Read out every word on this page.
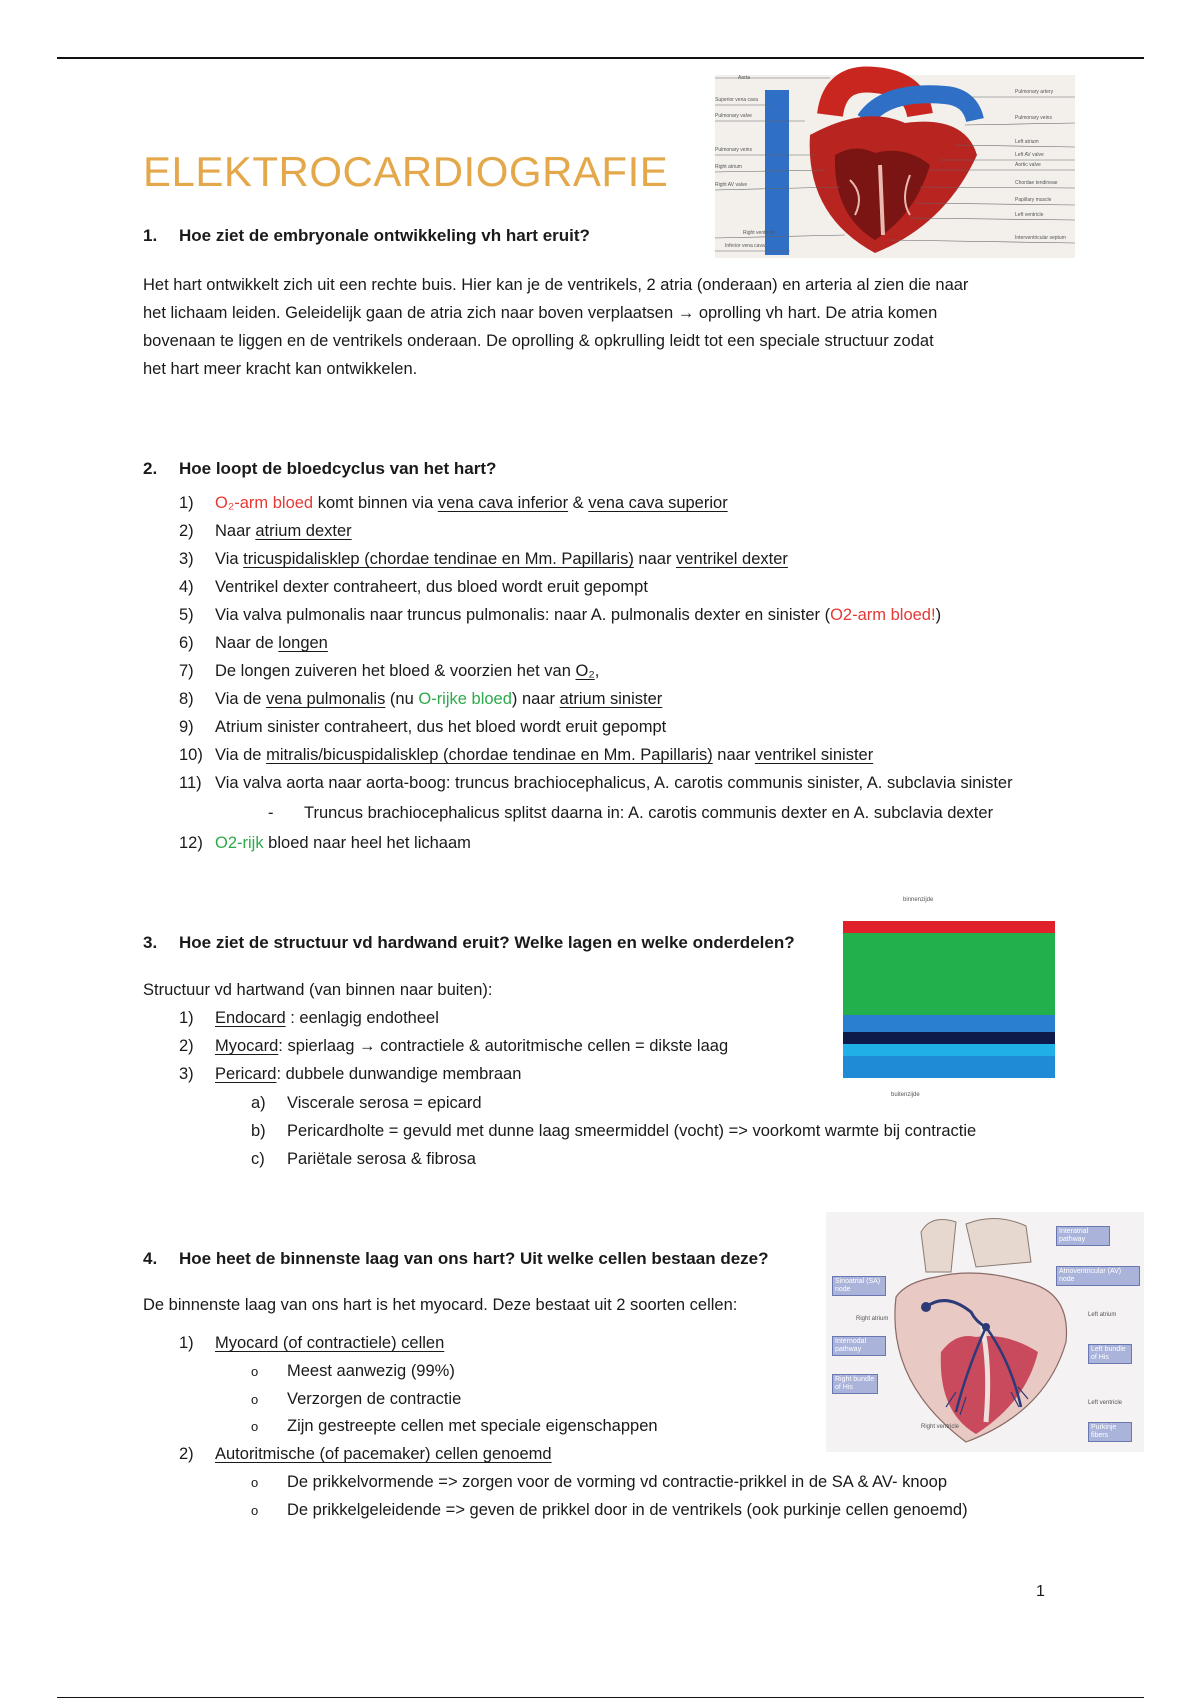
Aorta
Superior vena cava
Pulmonary valve
Pulmonary veins
Right atrium
Right AV valve
Right ventricle
Inferior vena cava
Pulmonary artery
Pulmonary veins
Left atrium
Left AV valve
Aortic valve
Chordae tendineae
Papillary muscle
Left ventricle
Interventricular septum
ELEKTROCARDIOGRAFIE
1. Hoe ziet de embryonale ontwikkeling vh hart eruit?
Het hart ontwikkelt zich uit een rechte buis. Hier kan je de ventrikels, 2 atria (onderaan) en arteria al zien die naar
het lichaam leiden. Geleidelijk gaan de atria zich naar boven verplaatsen → oprolling vh hart. De atria komen
bovenaan te liggen en de ventrikels onderaan. De oprolling & opkrulling leidt tot een speciale structuur zodat
het hart meer kracht kan ontwikkelen.
2. Hoe loopt de bloedcyclus van het hart?
1) O₂-arm bloed komt binnen via vena cava inferior & vena cava superior
2) Naar atrium dexter
3) Via tricuspidalisklep (chordae tendinae en Mm. Papillaris) naar ventrikel dexter
4) Ventrikel dexter contraheert, dus bloed wordt eruit gepompt
5) Via valva pulmonalis naar truncus pulmonalis: naar A. pulmonalis dexter en sinister (O2-arm bloed!)
6) Naar de longen
7) De longen zuiveren het bloed & voorzien het van O₂,
8) Via de vena pulmonalis (nu O-rijke bloed) naar atrium sinister
9) Atrium sinister contraheert, dus het bloed wordt eruit gepompt
10) Via de mitralis/bicuspidalisklep (chordae tendinae en Mm. Papillaris) naar ventrikel sinister
11) Via valva aorta naar aorta-boog: truncus brachiocephalicus, A. carotis communis sinister, A. subclavia sinister
- Truncus brachiocephalicus splitst daarna in: A. carotis communis dexter en A. subclavia dexter
12) O2-rijk bloed naar heel het lichaam
binnenzijde
buitenzijde
3. Hoe ziet de structuur vd hardwand eruit? Welke lagen en welke onderdelen?
Structuur vd hartwand (van binnen naar buiten):
1) Endocard : eenlagig endotheel
2) Myocard: spierlaag → contractiele & autoritmische cellen = dikste laag
3) Pericard: dubbele dunwandige membraan
a) Viscerale serosa = epicard
b) Pericardholte = gevuld met dunne laag smeermiddel (vocht) => voorkomt warmte bij contractie
c) Pariëtale serosa & fibrosa
Sinoatrial (SA) node
Internodal pathway
Right bundle of His
Interatrial pathway
Atrioventricular (AV) node
Left bundle of His
Purkinje fibers
Right atrium
Left atrium
Left ventricle
Right ventricle
4. Hoe heet de binnenste laag van ons hart? Uit welke cellen bestaan deze?
De binnenste laag van ons hart is het myocard. Deze bestaat uit 2 soorten cellen:
1) Myocard (of contractiele) cellen
o Meest aanwezig (99%)
o Verzorgen de contractie
o Zijn gestreepte cellen met speciale eigenschappen
2) Autoritmische (of pacemaker) cellen genoemd
o De prikkelvormende => zorgen voor de vorming vd contractie-prikkel in de SA & AV- knoop
o De prikkelgeleidende => geven de prikkel door in de ventrikels (ook purkinje cellen genoemd)
1
